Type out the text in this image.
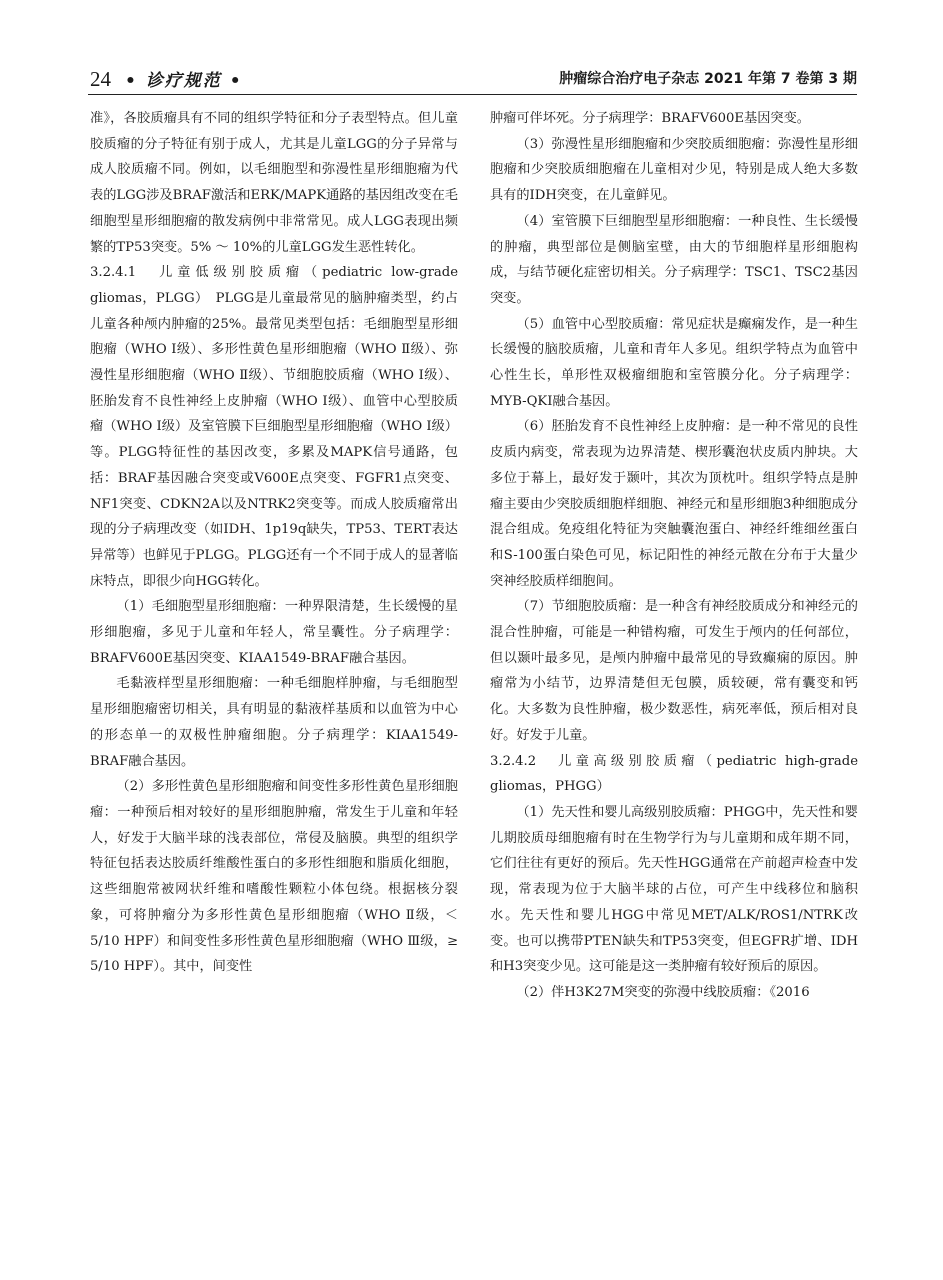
24 • 诊疗规范 •	肿瘤综合治疗电子杂志 2021 年第 7 卷第 3 期

准》，各胶质瘤具有不同的组织学特征和分子表型特点。但儿童胶质瘤的分子特征有别于成人，尤其是儿童LGG的分子异常与成人胶质瘤不同。例如，以毛细胞型和弥漫性星形细胞瘤为代表的LGG涉及BRAF激活和ERK/MAPK通路的基因组改变在毛细胞型星形细胞瘤的散发病例中非常常见。成人LGG表现出频繁的TP53突变。5% ～ 10%的儿童LGG发生恶性转化。

3.2.4.1　儿童低级别胶质瘤（pediatric low-grade gliomas，PLGG）　PLGG是儿童最常见的脑肿瘤类型，约占儿童各种颅内肿瘤的25%。最常见类型包括：毛细胞型星形细胞瘤（WHO Ⅰ级）、多形性黄色星形细胞瘤（WHO Ⅱ级）、弥漫性星形细胞瘤（WHO Ⅱ级）、节细胞胶质瘤（WHO Ⅰ级）、胚胎发育不良性神经上皮肿瘤（WHO Ⅰ级）、血管中心型胶质瘤（WHO Ⅰ级）及室管膜下巨细胞型星形细胞瘤（WHO Ⅰ级）等。PLGG特征性的基因改变，多累及MAPK信号通路，包括：BRAF基因融合突变或V600E点突变、FGFR1点突变、NF1突变、CDKN2A以及NTRK2突变等。而成人胶质瘤常出现的分子病理改变（如IDH、1p19q缺失，TP53、TERT表达异常等）也鲜见于PLGG。PLGG还有一个不同于成人的显著临床特点，即很少向HGG转化。

（1）毛细胞型星形细胞瘤：一种界限清楚，生长缓慢的星形细胞瘤，多见于儿童和年轻人，常呈囊性。分子病理学：BRAFV600E基因突变、KIAA1549-BRAF融合基因。

毛黏液样型星形细胞瘤：一种毛细胞样肿瘤，与毛细胞型星形细胞瘤密切相关，具有明显的黏液样基质和以血管为中心的形态单一的双极性肿瘤细胞。分子病理学：KIAA1549-BRAF融合基因。

（2）多形性黄色星形细胞瘤和间变性多形性黄色星形细胞瘤：一种预后相对较好的星形细胞肿瘤，常发生于儿童和年轻人，好发于大脑半球的浅表部位，常侵及脑膜。典型的组织学特征包括表达胶质纤维酸性蛋白的多形性细胞和脂质化细胞，这些细胞常被网状纤维和嗜酸性颗粒小体包绕。根据核分裂象，可将肿瘤分为多形性黄色星形细胞瘤（WHO Ⅱ级，＜ 5/10 HPF）和间变性多形性黄色星形细胞瘤（WHO Ⅲ级，≥ 5/10 HPF）。其中，间变性

肿瘤可伴坏死。分子病理学：BRAFV600E基因突变。

（3）弥漫性星形细胞瘤和少突胶质细胞瘤：弥漫性星形细胞瘤和少突胶质细胞瘤在儿童相对少见，特别是成人绝大多数具有的IDH突变，在儿童鲜见。

（4）室管膜下巨细胞型星形细胞瘤：一种良性、生长缓慢的肿瘤，典型部位是侧脑室壁，由大的节细胞样星形细胞构成，与结节硬化症密切相关。分子病理学：TSC1、TSC2基因突变。

（5）血管中心型胶质瘤：常见症状是癫痫发作，是一种生长缓慢的脑胶质瘤，儿童和青年人多见。组织学特点为血管中心性生长，单形性双极瘤细胞和室管膜分化。分子病理学：MYB-QKI融合基因。

（6）胚胎发育不良性神经上皮肿瘤：是一种不常见的良性皮质内病变，常表现为边界清楚、楔形囊泡状皮质内肿块。大多位于幕上，最好发于颞叶，其次为顶枕叶。组织学特点是肿瘤主要由少突胶质细胞样细胞、神经元和星形细胞3种细胞成分混合组成。免疫组化特征为突触囊泡蛋白、神经纤维细丝蛋白和S-100蛋白染色可见，标记阳性的神经元散在分布于大量少突神经胶质样细胞间。

（7）节细胞胶质瘤：是一种含有神经胶质成分和神经元的混合性肿瘤，可能是一种错构瘤，可发生于颅内的任何部位，但以颞叶最多见，是颅内肿瘤中最常见的导致癫痫的原因。肿瘤常为小结节，边界清楚但无包膜，质较硬，常有囊变和钙化。大多数为良性肿瘤，极少数恶性，病死率低，预后相对良好。好发于儿童。

3.2.4.2　儿童高级别胶质瘤（pediatric high-grade gliomas，PHGG）

（1）先天性和婴儿高级别胶质瘤：PHGG中，先天性和婴儿期胶质母细胞瘤有时在生物学行为与儿童期和成年期不同，它们往往有更好的预后。先天性HGG通常在产前超声检查中发现，常表现为位于大脑半球的占位，可产生中线移位和脑积水。先天性和婴儿HGG中常见MET/ALK/ROS1/NTRK改变。也可以携带PTEN缺失和TP53突变，但EGFR扩增、IDH和H3突变少见。这可能是这一类肿瘤有较好预后的原因。

（2）伴H3K27M突变的弥漫中线胶质瘤：《2016
